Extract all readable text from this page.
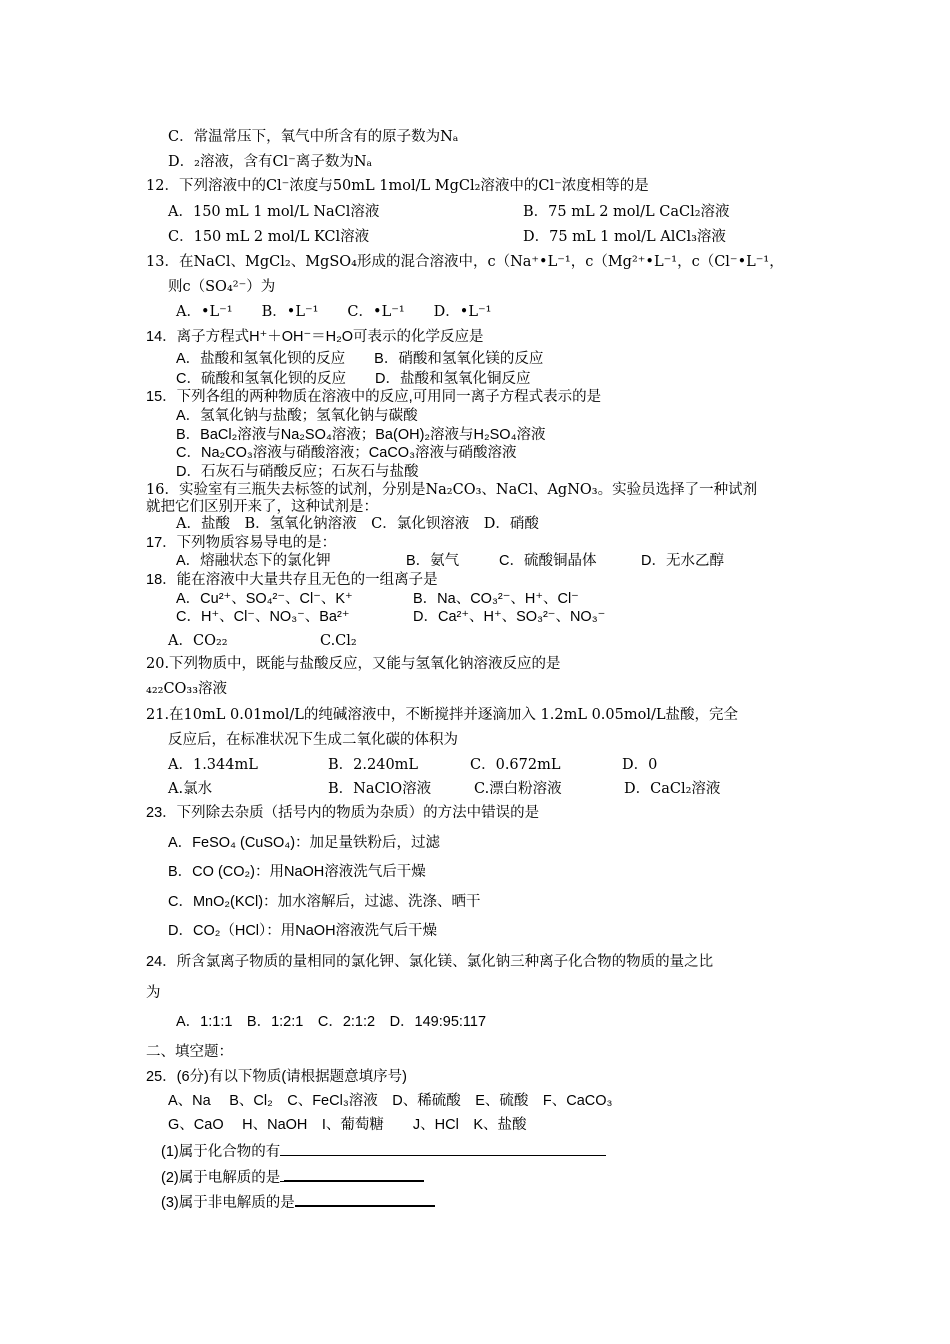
C．常温常压下，氧气中所含有的原子数为Nₐ
D．₂溶液，含有Cl⁻离子数为Nₐ
12．下列溶液中的Cl⁻浓度与50mL 1mol/L MgCl₂溶液中的Cl⁻浓度相等的是
A．150 mL 1 mol/L NaCl溶液	B．75 mL 2 mol/L CaCl₂溶液
C．150 mL 2 mol/L KCl溶液	D．75 mL 1 mol/L AlCl₃溶液
13．在NaCl、MgCl₂、MgSO₄形成的混合溶液中，c（Na⁺•L⁻¹，c（Mg²⁺•L⁻¹，c（Cl⁻•L⁻¹，
则c（SO₄²⁻）为
A．•L⁻¹　　B．•L⁻¹　　C．•L⁻¹　　D．•L⁻¹
14．离子方程式H⁺＋OH⁻＝H₂O可表示的化学反应是
A．盐酸和氢氧化钡的反应　　B．硝酸和氢氧化镁的反应
C．硫酸和氢氧化钡的反应　　D．盐酸和氢氧化铜反应
15．下列各组的两种物质在溶液中的反应,可用同一离子方程式表示的是
A．氢氧化钠与盐酸；氢氧化钠与碳酸
B．BaCl₂溶液与Na₂SO₄溶液；Ba(OH)₂溶液与H₂SO₄溶液
C．Na₂CO₃溶液与硝酸溶液；CaCO₃溶液与硝酸溶液
D．石灰石与硝酸反应；石灰石与盐酸
16．实验室有三瓶失去标签的试剂，分别是Na₂CO₃、NaCl、AgNO₃。实验员选择了一种试剂
就把它们区别开来了，这种试剂是：
A．盐酸　B．氢氧化钠溶液　C．氯化钡溶液　D．硝酸
17．下列物质容易导电的是：
A．熔融状态下的氯化钾	B．氨气	C．硫酸铜晶体	D．无水乙醇
18．能在溶液中大量共存且无色的一组离子是
A．Cu²⁺、SO₄²⁻、Cl⁻、K⁺	B．Na、CO₃²⁻、H⁺、Cl⁻
C．H⁺、Cl⁻、NO₃⁻、Ba²⁺	D．Ca²⁺、H⁺、SO₃²⁻、NO₃⁻
A．CO₂₂	C.Cl₂
20.下列物质中，既能与盐酸反应，又能与氢氧化钠溶液反应的是
₄₂₂CO₃₃溶液
21.在10mL 0.01mol/L的纯碱溶液中，不断搅拌并逐滴加入 1.2mL 0.05mol/L盐酸，完全
反应后，在标准状况下生成二氧化碳的体积为
A．1.344mL	B．2.240mL	C．0.672mL	D．0
A.氯水	B．NaClO溶液	C.漂白粉溶液	D．CaCl₂溶液
23．下列除去杂质（括号内的物质为杂质）的方法中错误的是
A．FeSO₄ (CuSO₄)：加足量铁粉后，过滤
B．CO (CO₂)：用NaOH溶液洗气后干燥
C．MnO₂(KCl)：加水溶解后，过滤、洗涤、晒干
D．CO₂（HCl）：用NaOH溶液洗气后干燥
24．所含氯离子物质的量相同的氯化钾、氯化镁、氯化钠三种离子化合物的物质的量之比
为
A．1:1:1　B．1:2:1　C．2:1:2　D．149:95:117
二、填空题：
25．(6分)有以下物质(请根据题意填序号)
A、Na　 B、Cl₂　C、FeCl₃溶液　D、稀硫酸　E、硫酸　F、CaCO₃
G、CaO　 H、NaOH　I、葡萄糖　　J、HCl　K、盐酸
(1)属于化合物的有
(2)属于电解质的是
(3)属于非电解质的是
